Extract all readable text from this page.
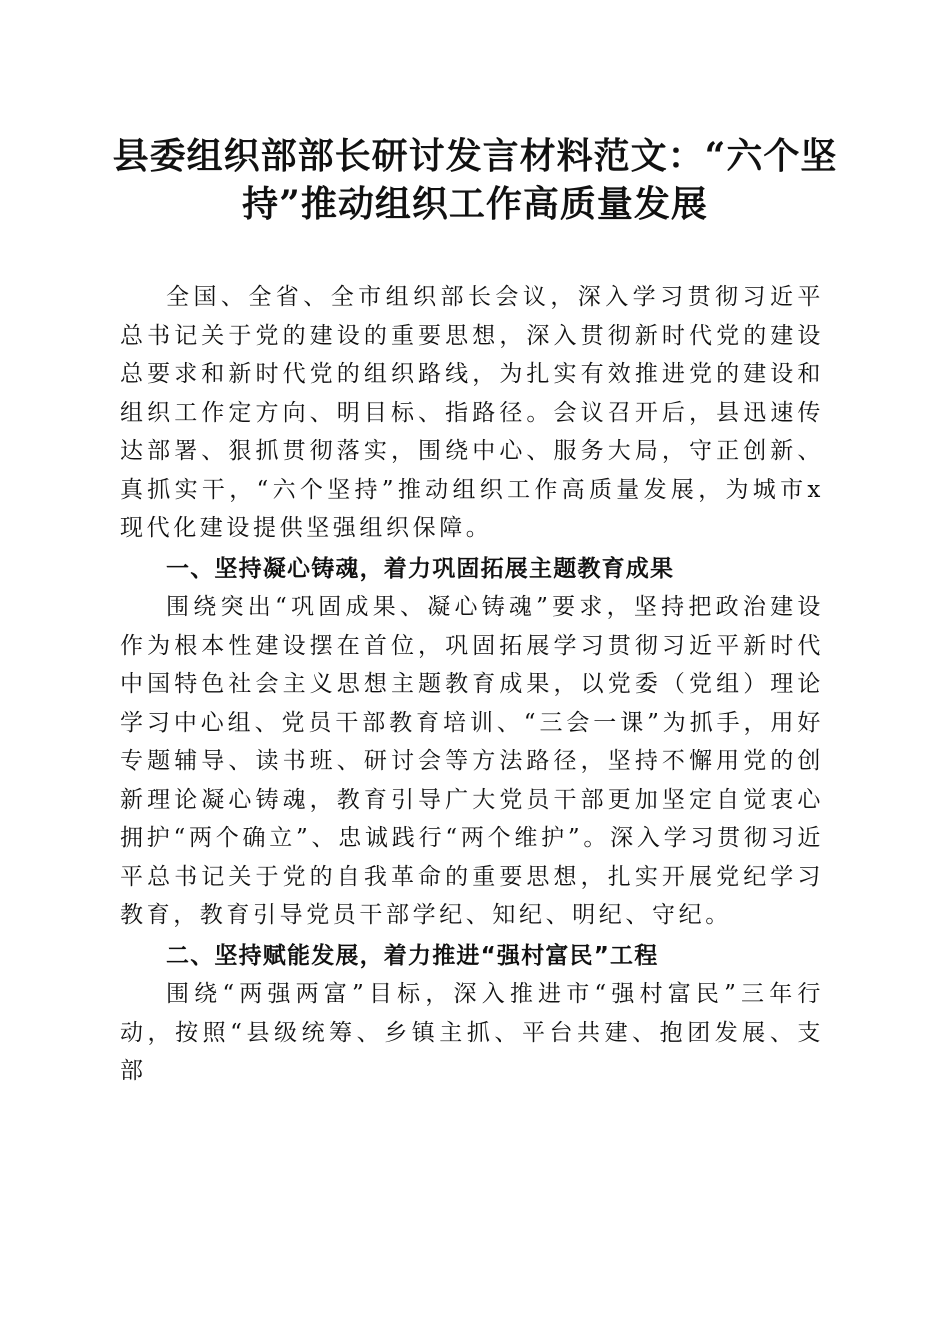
县委组织部部长研讨发言材料范文：“六个坚持”推动组织工作高质量发展

全国、全省、全市组织部长会议，深入学习贯彻习近平总书记关于党的建设的重要思想，深入贯彻新时代党的建设总要求和新时代党的组织路线，为扎实有效推进党的建设和组织工作定方向、明目标、指路径。会议召开后，县迅速传达部署、狠抓贯彻落实，围绕中心、服务大局，守正创新、真抓实干，“六个坚持”推动组织工作高质量发展，为城市x现代化建设提供坚强组织保障。

一、坚持凝心铸魂，着力巩固拓展主题教育成果

围绕突出“巩固成果、凝心铸魂”要求，坚持把政治建设作为根本性建设摆在首位，巩固拓展学习贯彻习近平新时代中国特色社会主义思想主题教育成果，以党委（党组）理论学习中心组、党员干部教育培训、“三会一课”为抓手，用好专题辅导、读书班、研讨会等方法路径，坚持不懈用党的创新理论凝心铸魂，教育引导广大党员干部更加坚定自觉衷心拥护“两个确立”、忠诚践行“两个维护”。深入学习贯彻习近平总书记关于党的自我革命的重要思想，扎实开展党纪学习教育，教育引导党员干部学纪、知纪、明纪、守纪。

二、坚持赋能发展，着力推进“强村富民”工程

围绕“两强两富”目标，深入推进市“强村富民”三年行动，按照“县级统筹、乡镇主抓、平台共建、抱团发展、支部
